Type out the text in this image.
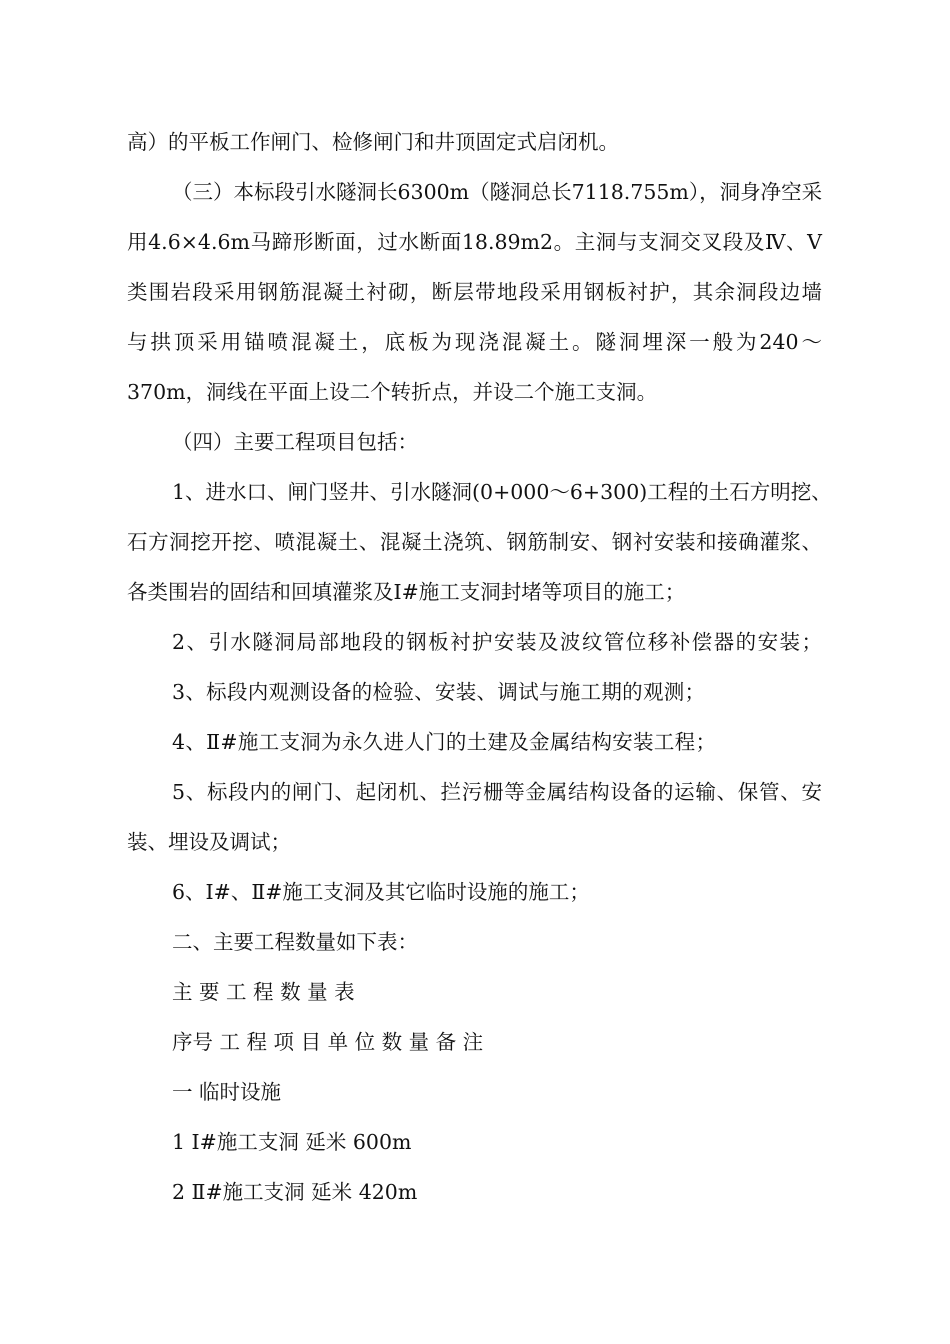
高）的平板工作闸门、检修闸门和井顶固定式启闭机。

（三）本标段引水隧洞长6300m（隧洞总长7118.755m），洞身净空采

用4.6×4.6m马蹄形断面，过水断面18.89m2。主洞与支洞交叉段及Ⅳ、Ⅴ

类围岩段采用钢筋混凝土衬砌，断层带地段采用钢板衬护，其余洞段边墙

与拱顶采用锚喷混凝土，底板为现浇混凝土。隧洞埋深一般为240～

370m，洞线在平面上设二个转折点，并设二个施工支洞。

（四）主要工程项目包括：

1、进水口、闸门竖井、引水隧洞(0+000～6+300)工程的土石方明挖、

石方洞挖开挖、喷混凝土、混凝土浇筑、钢筋制安、钢衬安装和接确灌浆、

各类围岩的固结和回填灌浆及Ⅰ#施工支洞封堵等项目的施工；

2、引水隧洞局部地段的钢板衬护安装及波纹管位移补偿器的安装；

3、标段内观测设备的检验、安装、调试与施工期的观测；

4、Ⅱ#施工支洞为永久进人门的土建及金属结构安装工程；

5、标段内的闸门、起闭机、拦污栅等金属结构设备的运输、保管、安

装、埋设及调试；

6、Ⅰ#、Ⅱ#施工支洞及其它临时设施的施工；

二、主要工程数量如下表：

主 要 工 程 数 量 表

序号 工 程 项 目 单 位 数 量 备 注

一 临时设施

1 Ⅰ#施工支洞 延米 600m

2 Ⅱ#施工支洞 延米 420m
